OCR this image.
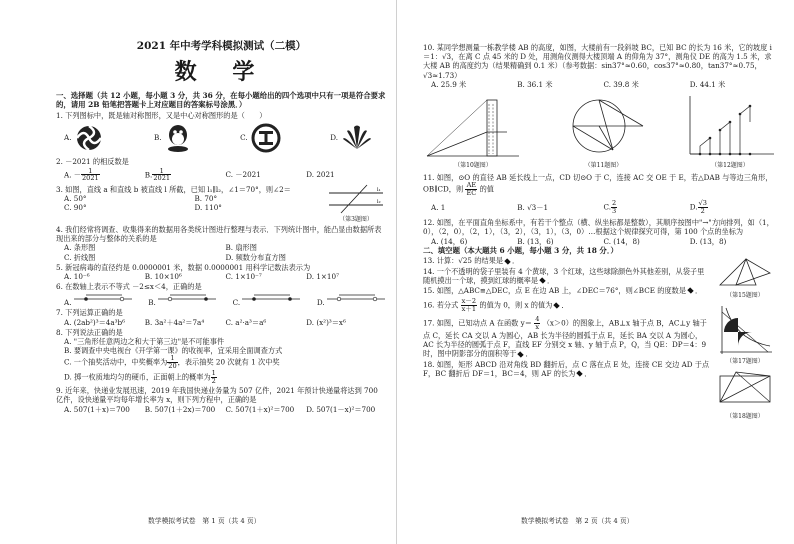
2021 年中考学科模拟测试（二模）
数 学
一、选择题（共 12 小题，每小题 3 分，共 36 分，在每小题给出的四个选项中只有一项是符合要求的，请用 2B 铅笔把答题卡上对应题目的答案标号涂黑．）
1. 下列图标中，既是轴对称图形，又是中心对称图形的是（　　）
A.	B.	C.	D.
2. －2021 的相反数是
A. － $\frac{1}{2021}$	B. $\frac{1}{2021}$	C. －2021	D. 2021
3. 如图，直线 a 和直线 b 被直线 l 所截，已知 l₁∥l₂，∠1＝70°，则∠2＝
A. 50°	B. 70°
C. 90°	D. 110°
l₁
l₂
（第3题图）
4. 我们经常将调查、收集得来的数据用各类统计图进行整理与表示．下列统计图中，能凸显由数据所表现出来的部分与整体的关系的是
A. 条形图	B. 扇形图
C. 折线图	D. 频数分布直方图
5. 新冠病毒的直径约是 0.0000001 米，数据 0.0000001 用科学记数法表示为
A. 10⁻⁶	B. 10×10⁶	C. 1×10⁻⁷	D. 1×10⁷
6. 在数轴上表示不等式 －2≤x＜4，正确的是
A.	B.	C.	D.
7. 下列运算正确的是
A. (2ab²)³＝4a³b⁶	B. 3a²＋4a²＝7a⁴	C. a²·a³＝a⁶	D. (x²)³＝x⁶
8. 下列说法正确的是
A. "三角形任意两边之和大于第三边"是不可能事件
B. 要调查中央电视台《开学第一课》的收视率，宜采用全面调查方式
C. 一个抽奖活动中，中奖概率为 $\frac{1}{20}$ ，表示抽奖 20 次就有 1 次中奖
D. 掷一枚质地均匀的硬币，正面朝上的概率为 $\frac{1}{2}$
9. 近年来，快递业发展迅速，2019 年我国快递业务量为 507 亿件，2021 年预计快递量将达到 700 亿件，设快递量平均每年增长率为 x，则下列方程中，正确的是
A. 507(1＋x)＝700	B. 507(1＋2x)＝700	C. 507(1＋x)²＝700	D. 507(1－x)²＝700
数学模拟考试卷　第 1 页（共 4 页）
10. 某同学想测量一栋教学楼 AB 的高度，如图，大楼前有一段斜坡 BC，已知 BC 的长为 16 米，它的坡度 i＝1：√3，在离 C 点 45 米的 D 处，用测角仪测得大楼顶端 A 的仰角为 37°，测角仪 DE 的高为 1.5 米，求大楼 AB 的高度约为（结果精确到 0.1 米）（参考数据：sin37°≈0.60，cos37°≈0.80，tan37°≈0.75，√3≈1.73）
A. 25.9 米	B. 36.1 米	C. 39.8 米	D. 44.1 米
（第10题图）	（第11题图）	（第12题图）
11. 如图，⊙O 的直径 AB 延长线上一点，CD 切⊙O 于 C，连接 AC 交 OE 于 E，若△DAB 与等边三角形，OB∥CD，则 $\frac{AE}{EC}$ 的值
A. 1	B. √3－1	C. $\frac{2}{3}$	D. $\frac{√3}{2}$
12. 如图，在平面直角坐标系中，有若干个整点（横、纵坐标都是整数），其顺序按图中"→"方向排列，如（1，0），（2，0），（2，1），（3，2），（3，1），（3，0）…根据这个规律探究可得，第 100 个点的坐标为
A. (14，6)	B. (13，6)	C. (14，8)	D. (13，8)
二、填空题（本大题共 6 小题，每小题 3 分，共 18 分．）
13. 计算：√25 的结果是 ．
14. 一个不透明的袋子里装有 4 个黄球，3 个红球，这些球除颜色外其他差别，从袋子里随机摸出一个球，摸到红球的概率是 ．
15. 如图，△ABC≌△DEC，点 E 在边 AB 上，∠DEC＝76°，则∠BCE 的度数是 ．
16. 若分式 $\frac{x-2}{x+1}$ 的值为 0，则 x 的值为 ．
17. 如图，已知动点 A 在函数 $y= \frac{4}{x} (x>0)$的图象上，AB⊥x 轴于点 B，AC⊥y 轴于点 C，延长 CA 交以 A 为圆心，AB 长为半径的圆弧于点 E，延长 BA 交以 A 为圆心，AC 长为半径的圆弧于点 F，直线 EF 分别交 x 轴、y 轴于点 P，Q，当 QE：DP＝4：9 时，图中阴影部分的面积等于 ．
18. 如图，矩形 ABCD 沿对角线 BD 翻折后，点 C 落在点 E 处，连接 CE 交边 AD 于点 F，BC 翻折后 DF＝1，BC＝4，则 AF 的长为 ．
（第15题图）
（第17题图）
（第18题图）
数学模拟考试卷　第 2 页（共 4 页）
